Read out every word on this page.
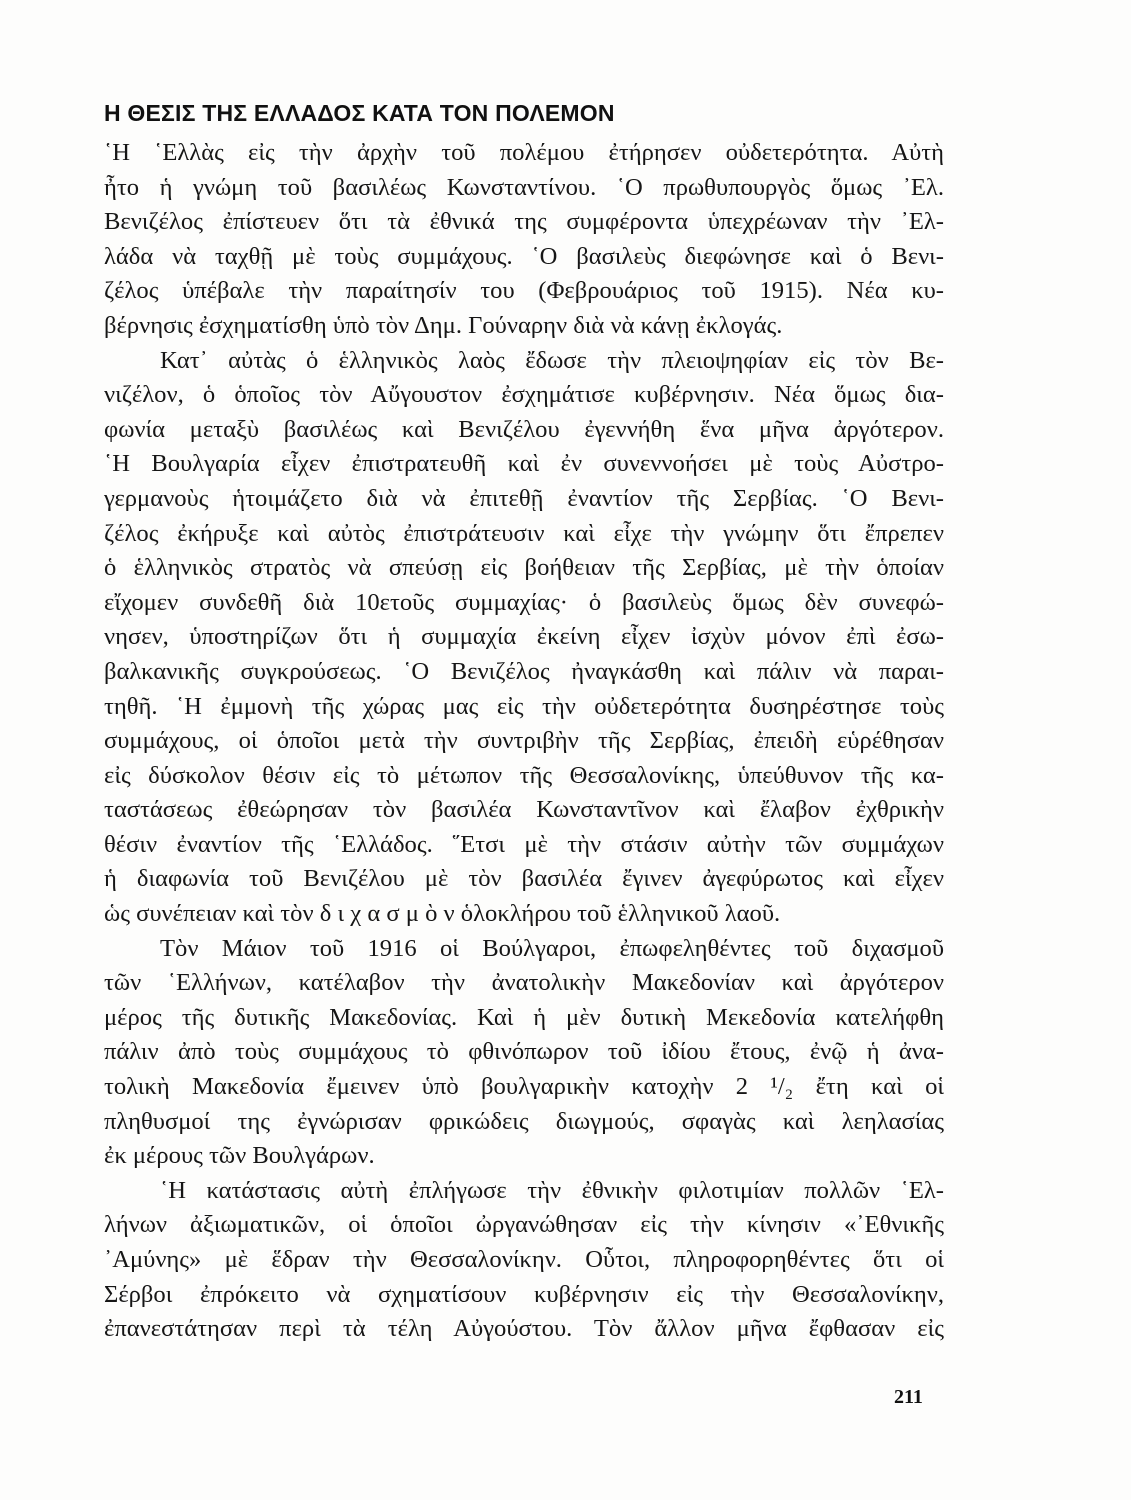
Η ΘΕΣΙΣ ΤΗΣ ΕΛΛΑΔΟΣ ΚΑΤΑ ΤΟΝ ΠΟΛΕΜΟΝ
῾Η ῾Ελλὰς εἰς τὴν ἀρχὴν τοῦ πολέμου ἐτήρησεν οὐδετερότητα. Αὐτὴ
ἦτο ἡ γνώμη τοῦ βασιλέως Κωνσταντίνου. ῾Ο πρωθυπουργὸς ὅμως ᾿Ελ.
Βενιζέλος ἐπίστευεν ὅτι τὰ ἐθνικά της συμφέροντα ὑπεχρέωναν τὴν ᾿Ελ-
λάδα νὰ ταχθῇ μὲ τοὺς συμμάχους. ῾Ο βασιλεὺς διεφώνησε καὶ ὁ Βενι-
ζέλος ὑπέβαλε τὴν παραίτησίν του (Φεβρουάριος τοῦ 1915). Νέα κυ-
βέρνησις ἐσχηματίσθη ὑπὸ τὸν Δημ. Γούναρην διὰ νὰ κάνῃ ἐκλογάς.
Κατ᾿ αὐτὰς ὁ ἑλληνικὸς λαὸς ἔδωσε τὴν πλειοψηφίαν εἰς τὸν Βε-
νιζέλον, ὁ ὁποῖος τὸν Αὔγουστον ἐσχημάτισε κυβέρνησιν. Νέα ὅμως δια-
φωνία μεταξὺ βασιλέως καὶ Βενιζέλου ἐγεννήθη ἕνα μῆνα ἀργότερον.
῾Η Βουλγαρία εἶχεν ἐπιστρατευθῆ καὶ ἐν συνεννοήσει μὲ τοὺς Αὐστρο-
γερμανοὺς ἡτοιμάζετο διὰ νὰ ἐπιτεθῇ ἐναντίον τῆς Σερβίας. ῾Ο Βενι-
ζέλος ἐκήρυξε καὶ αὐτὸς ἐπιστράτευσιν καὶ εἶχε τὴν γνώμην ὅτι ἔπρεπεν
ὁ ἑλληνικὸς στρατὸς νὰ σπεύσῃ εἰς βοήθειαν τῆς Σερβίας, μὲ τὴν ὁποίαν
εἴχομεν συνδεθῆ διὰ 10ετοῦς συμμαχίας· ὁ βασιλεὺς ὅμως δὲν συνεφώ-
νησεν, ὑποστηρίζων ὅτι ἡ συμμαχία ἐκείνη εἶχεν ἰσχὺν μόνον ἐπὶ ἐσω-
βαλκανικῆς συγκρούσεως. ῾Ο Βενιζέλος ἠναγκάσθη καὶ πάλιν νὰ παραι-
τηθῆ. ῾Η ἐμμονὴ τῆς χώρας μας εἰς τὴν οὐδετερότητα δυσηρέστησε τοὺς
συμμάχους, οἱ ὁποῖοι μετὰ τὴν συντριβὴν τῆς Σερβίας, ἐπειδὴ εὑρέθησαν
εἰς δύσκολον θέσιν εἰς τὸ μέτωπον τῆς Θεσσαλονίκης, ὑπεύθυνον τῆς κα-
ταστάσεως ἐθεώρησαν τὸν βασιλέα Κωνσταντῖνον καὶ ἔλαβον ἐχθρικὴν
θέσιν ἐναντίον τῆς ῾Ελλάδος. ῞Ετσι μὲ τὴν στάσιν αὐτὴν τῶν συμμάχων
ἡ διαφωνία τοῦ Βενιζέλου μὲ τὸν βασιλέα ἔγινεν ἀγεφύρωτος καὶ εἶχεν
ὡς συνέπειαν καὶ τὸν δ ι χ α σ μ ὸ ν ὁλοκλήρου τοῦ ἑλληνικοῦ λαοῦ.
Τὸν Μάιον τοῦ 1916 οἱ Βούλγαροι, ἐπωφεληθέντες τοῦ διχασμοῦ
τῶν ῾Ελλήνων, κατέλαβον τὴν ἀνατολικὴν Μακεδονίαν καὶ ἀργότερον
μέρος τῆς δυτικῆς Μακεδονίας. Καὶ ἡ μὲν δυτικὴ Μεκεδονία κατελήφθη
πάλιν ἀπὸ τοὺς συμμάχους τὸ φθινόπωρον τοῦ ἰδίου ἔτους, ἐνῷ ἡ ἀνα-
τολικὴ Μακεδονία ἔμεινεν ὑπὸ βουλγαρικὴν κατοχὴν 2 ¹/₂ ἔτη καὶ οἱ
πληθυσμοί της ἐγνώρισαν φρικώδεις διωγμούς, σφαγὰς καὶ λεηλασίας
ἐκ μέρους τῶν Βουλγάρων.
῾Η κατάστασις αὐτὴ ἐπλήγωσε τὴν ἐθνικὴν φιλοτιμίαν πολλῶν ῾Ελ-
λήνων ἀξιωματικῶν, οἱ ὁποῖοι ὠργανώθησαν εἰς τὴν κίνησιν «᾿Εθνικῆς
᾿Αμύνης» μὲ ἕδραν τὴν Θεσσαλονίκην. Οὗτοι, πληροφορηθέντες ὅτι οἱ
Σέρβοι ἐπρόκειτο νὰ σχηματίσουν κυβέρνησιν εἰς τὴν Θεσσαλονίκην,
ἐπανεστάτησαν περὶ τὰ τέλη Αὐγούστου. Τὸν ἄλλον μῆνα ἔφθασαν εἰς
211
